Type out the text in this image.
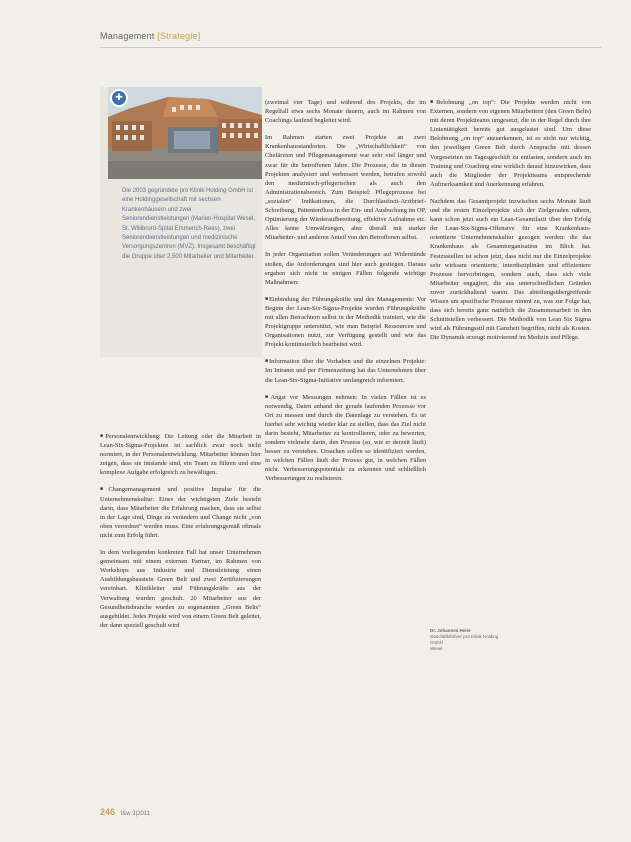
Management [Strategie]
✚

Die 2003 gegründete pro Klinik Holding GmbH ist eine Holdinggesellschaft mit sechsen Krankenhäusern und zwei Seniorendienstleistungen (Marien-Hospital Wesel, St. Willibrord-Spital Emmerich-Rees), zwei Seniorendienstleistungen und medizinische Versorgungszentren (MVZ). Insgesamt beschäftigt die Gruppe über 2.500 Mitarbeiter und Mitarbeiter.

■ Personalentwicklung: Die Leitung oder die Mitarbeit in Lean-Six-Sigma-Projekten ist sachlich zwar noch nicht normiert, in der Personalentwicklung. Mitarbeiter können hier zeigen, dass sie imstande sind, ein Team zu führen und eine komplexe Aufgabe erfolgreich zu bewältigen.

■ Changemanagement und positive Impulse für die Unternehmenskultur: Eines der wichtigsten Ziele besteht darin, dass Mitarbeiter die Erfahrung machen, dass sie selbst in der Lage sind, Dinge zu verändern und Change nicht „von oben verordnet“ werden muss. Eine erfahrungsgemäß oftmals nicht zum Erfolg führt.

In dem vorliegenden konkreten Fall hat unser Unternehmen gemeinsam mit einem externen Partner, im Rahmen von Workshops aus Industrie und Dienstleistung einen Ausbildungsbaustein Green Belt und zwei Zertifizierungen vereinbart. Klinikleiter und Führungskräfte aus der Verwaltung wurden geschult. 20 Mitarbeiter aus der Gesundheitsbranche wurden zu sogenannten „Green Belts“ ausgebildet. Jedes Projekt wird von einem Green Belt geleitet, der dann speziell geschult wird

(zweimal vier Tage) und während des Projekts, die im Regelfall etwa sechs Monate dauern, auch im Rahmen von Coachings laufend begleitet wird.

Im Rahmen starten zwei Projekte an zwei Krankenhausstandorten. Die „Wirtschaftlichkeit“ von Chefärzten und Pflegemanagement war sehr viel länger und zwar für die betroffenen Jahre. Die Prozesse, die in diesen Projekten analysiert und verbessert werden, betrafen sowohl den medizinisch-pflegerischen als auch den Administrationsbereich. Zum Beispiel: Pflegeprozesse bei „sozialen“ Indikationen, die Durchlaufzeit-Arztbrief-Schreibung, Patientenfluss in der Ein- und Ausbuchung im OP, Optimierung der Wiederaufbereitung, effektive Aufnahme etc. Alles keine Umwälzungen, aber überall mit starker Mitarbeiter- und anderen Anteil von den Betroffenen selbst.

In jeder Organisation sollen Veränderungen auf Widerstände stoßen, die Anforderungen sind hier auch gestiegen. Daraus ergaben sich nicht in einigen Fällen folgende wichtige Maßnahmen:

■ Einbindung der Führungskräfte und des Managements: Vor Beginn der Lean-Six-Sigma-Projekte wurden Führungskräfte mit allen Betrachtern selbst in der Methodik trainiert, wie die Projektgruppe unterstützt, wie man Beispiel Ressourcen und Organisationen nutzt, zur Verfügung gestellt und wie das Projekt kontinuierlich bearbeitet wird.

■ Information über die Vorhaben und die einzelnen Projekte: Im Intranet und per Firmenzeitung hat das Unternehmen über die Lean-Six-Sigma-Initiative umfangreich informiert.

■ Angst vor Messungen nehmen: In vielen Fällen ist es notwendig, Daten anhand der gerade laufenden Prozesse vor Ort zu messen und durch die Datenlage zu verstehen. Es ist hierbei sehr wichtig wieder klar zu stellen, dass das Ziel nicht darin besteht, Mitarbeiter zu kontrollieren, oder zu bewerten, sondern vielmehr darin, den Prozess (so, wie er derzeit läuft) besser zu verstehen. Ursachen sollen so identifiziert werden, in welchen Fällen läuft der Prozess gut, in welchen Fällen nicht. Verbesserungspotentiale zu erkennen und schließlich Verbesserungen zu realisieren.

■ Belohnung „on top“: Die Projekte werden nicht von Externen, sondern von eigenen Mitarbeitern (den Green Belts) mit deren Projektteams umgesetzt, die in der Regel durch ihre Linientätigkeit bereits gut ausgelastet sind. Um diese Belohnung „on top“ anzuerkennen, ist es nicht nur wichtig, den jeweiligen Green Belt durch Ansprache mit dessen Vorgesetzten im Tagesgeschäft zu entlasten, sondern auch im Training und Coaching eine wirklich darauf hinzuwirken, dass auch die Mitglieder der Projektteams entsprechende Aufmerksamkeit und Anerkennung erfahren.

Nachdem das Gesamtprojekt inzwischen sechs Monate läuft und die ersten Einzelprojekte sich der Zielgeraden nähern, kann schon jetzt auch ein Lean-Gesamtfazit über den Erfolg der Lean-Six-Sigma-Offensive für eine Krankenhaus-orientierte Unternehmenskultur gezogen werden: die das Krankenhaus als Gesamtorganisation im Blick hat. Festzustellen ist schon jetzt, dass nicht nur die Einzelprojekte sehr wirksam orientierte, interdisziplinäre und effizientere Prozesse hervorbringen, sondern auch, dass sich viele Mitarbeiter engagiert, die aus unterschiedlichen Gründen zuvor zurückhaltend waren. Das abteilungsübergreifende Wissen um spezifische Prozesse nimmt zu, was zur Folge hat, dass sich bereits ganz natürlich die Zusammenarbeit in den Schnittstellen verbessert. Die Methodik von Lean Six Sigma wird als Führungsstil mit Ganzheit begriffen, nicht als Kosten. Die Dynamik erzeugt motivierend im Medizin und Pflege.

Dr. Johannes Heier

Geschäftsführer pro Klinik Holding GmbH

Wesel

246 f&w 3|2011
